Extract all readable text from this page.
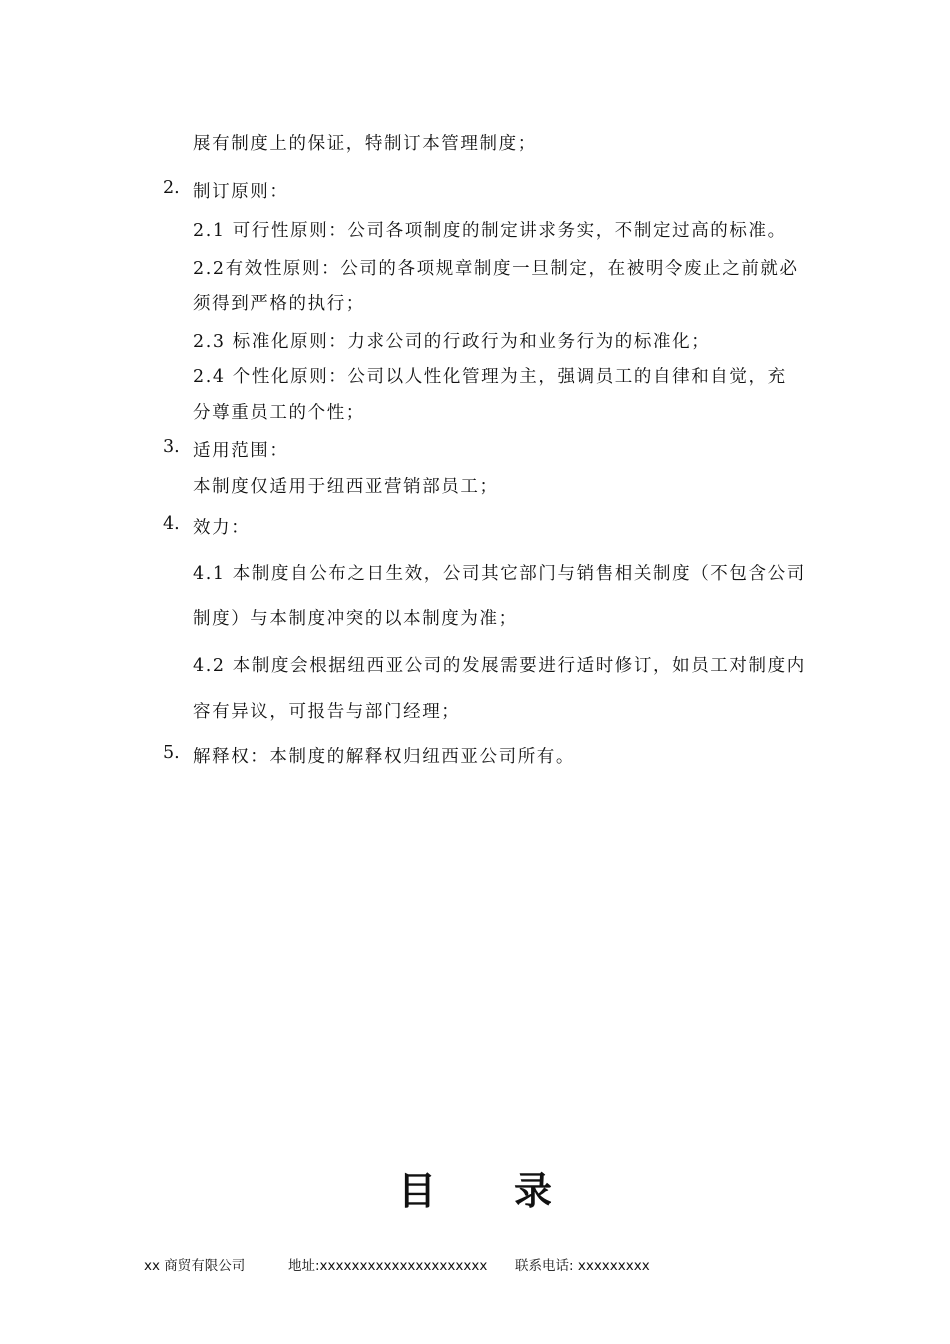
展有制度上的保证，特制订本管理制度；
2. 制订原则：
2.1 可行性原则：公司各项制度的制定讲求务实，不制定过高的标准。
2.2有效性原则：公司的各项规章制度一旦制定，在被明令废止之前就必
须得到严格的执行；
2.3 标准化原则：力求公司的行政行为和业务行为的标准化；
2.4 个性化原则：公司以人性化管理为主，强调员工的自律和自觉，充
分尊重员工的个性；
3. 适用范围：
本制度仅适用于纽西亚营销部员工；
4. 效力：
4.1 本制度自公布之日生效，公司其它部门与销售相关制度（不包含公司
制度）与本制度冲突的以本制度为准；
4.2 本制度会根据纽西亚公司的发展需要进行适时修订，如员工对制度内
容有异议，可报告与部门经理；
5. 解释权：本制度的解释权归纽西亚公司所有。
目 录
xx 商贸有限公司	地址:xxxxxxxxxxxxxxxxxxxxx 联系电话: xxxxxxxxx
